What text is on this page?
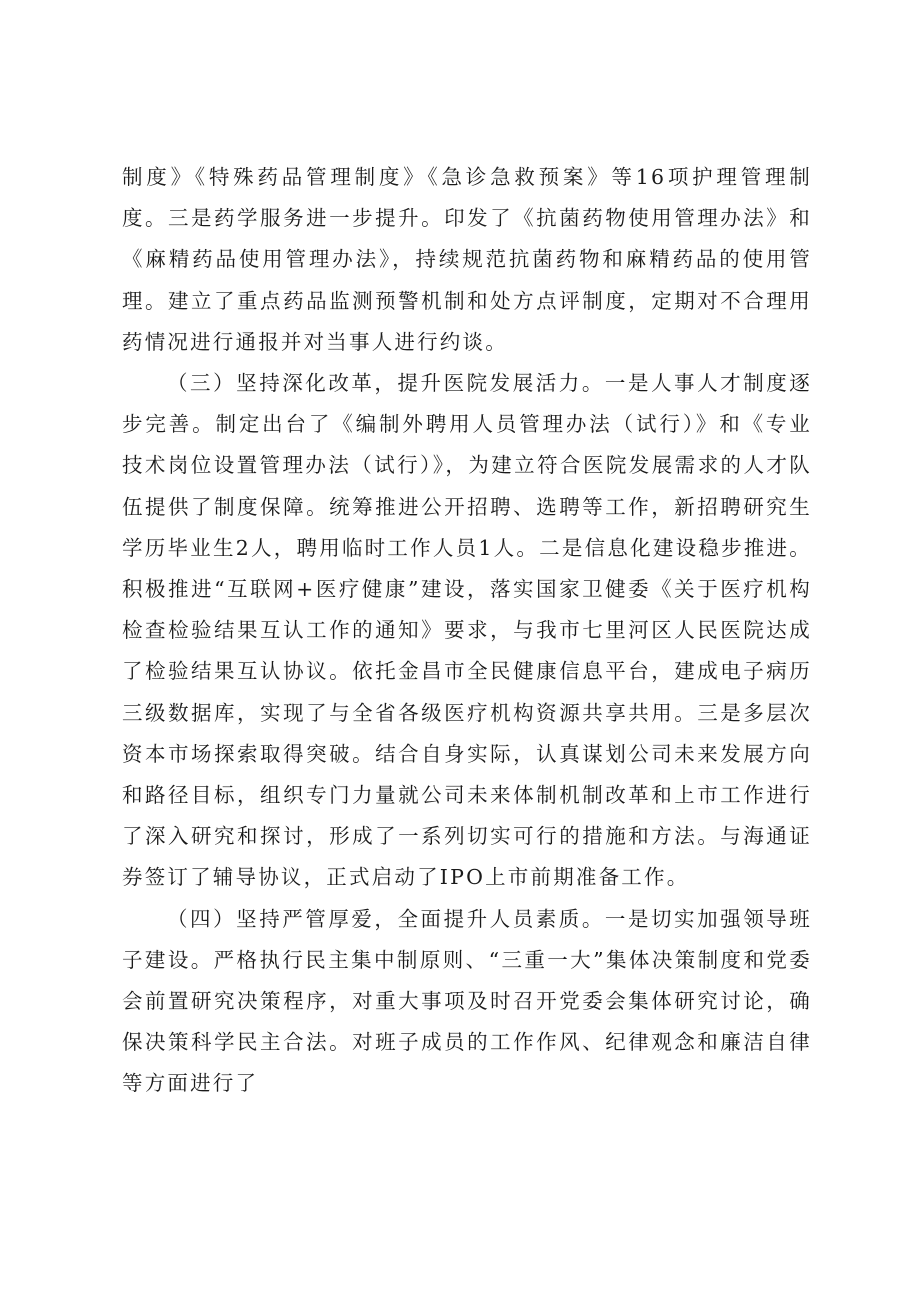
制度》《特殊药品管理制度》《急诊急救预案》等16项护理管理制度。三是药学服务进一步提升。印发了《抗菌药物使用管理办法》和《麻精药品使用管理办法》，持续规范抗菌药物和麻精药品的使用管理。建立了重点药品监测预警机制和处方点评制度，定期对不合理用药情况进行通报并对当事人进行约谈。

（三）坚持深化改革，提升医院发展活力。一是人事人才制度逐步完善。制定出台了《编制外聘用人员管理办法（试行）》和《专业技术岗位设置管理办法（试行）》，为建立符合医院发展需求的人才队伍提供了制度保障。统筹推进公开招聘、选聘等工作，新招聘研究生学历毕业生2人，聘用临时工作人员1人。二是信息化建设稳步推进。积极推进“互联网+医疗健康”建设，落实国家卫健委《关于医疗机构检查检验结果互认工作的通知》要求，与我市七里河区人民医院达成了检验结果互认协议。依托金昌市全民健康信息平台，建成电子病历三级数据库，实现了与全省各级医疗机构资源共享共用。三是多层次资本市场探索取得突破。结合自身实际，认真谋划公司未来发展方向和路径目标，组织专门力量就公司未来体制机制改革和上市工作进行了深入研究和探讨，形成了一系列切实可行的措施和方法。与海通证券签订了辅导协议，正式启动了IPO上市前期准备工作。

（四）坚持严管厚爱，全面提升人员素质。一是切实加强领导班子建设。严格执行民主集中制原则、“三重一大”集体决策制度和党委会前置研究决策程序，对重大事项及时召开党委会集体研究讨论，确保决策科学民主合法。对班子成员的工作作风、纪律观念和廉洁自律等方面进行了
